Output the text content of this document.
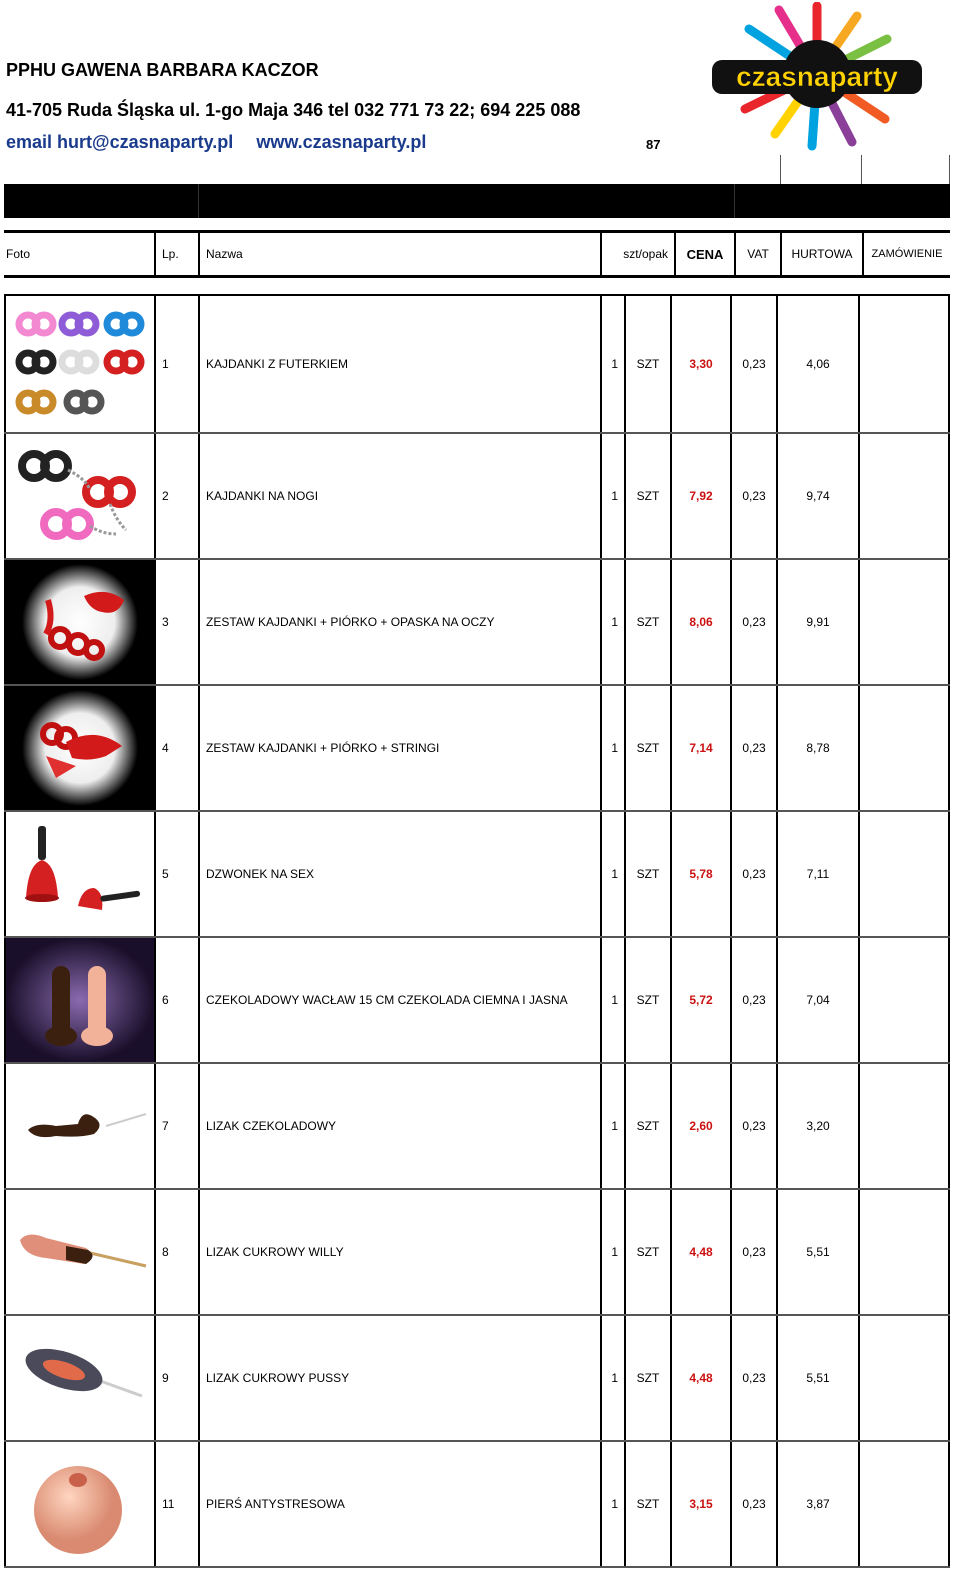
PPHU GAWENA BARBARA KACZOR
41-705 Ruda Śląska ul. 1-go Maja 346 tel 032 771 73 22; 694 225 088
email hurt@czasnaparty.pl www.czasnaparty.pl	87
czasnaparty
Foto	Lp.	Nazwa	szt/opak	CENA	VAT	HURTOWA	ZAMÓWIENIE
	1	KAJDANKI Z FUTERKIEM	1	SZT	3,30	0,23	4,06	

	2	KAJDANKI NA NOGI	1	SZT	7,92	0,23	9,74	

	3	ZESTAW KAJDANKI + PIÓRKO + OPASKA NA OCZY	1	SZT	8,06	0,23	9,91	

	4	ZESTAW KAJDANKI + PIÓRKO + STRINGI	1	SZT	7,14	0,23	8,78	

	5	DZWONEK NA SEX	1	SZT	5,78	0,23	7,11	

	6	CZEKOLADOWY WACŁAW 15 CM CZEKOLADA CIEMNA I JASNA	1	SZT	5,72	0,23	7,04	

	7	LIZAK CZEKOLADOWY	1	SZT	2,60	0,23	3,20	

	8	LIZAK CUKROWY WILLY	1	SZT	4,48	0,23	5,51	

	9	LIZAK CUKROWY PUSSY	1	SZT	4,48	0,23	5,51	

	11	PIERŚ ANTYSTRESOWA	1	SZT	3,15	0,23	3,87	
